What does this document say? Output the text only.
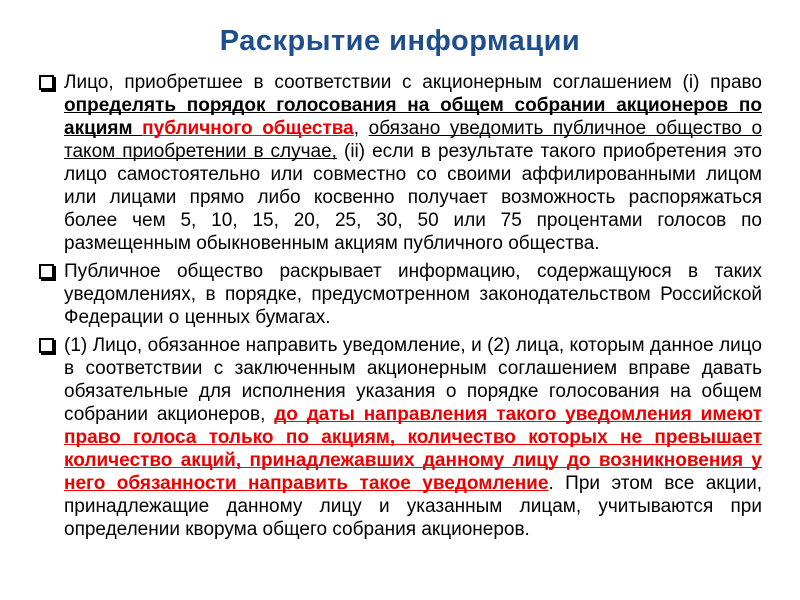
Раскрытие информации

Лицо, приобретшее в соответствии с акционерным соглашением (i) право определять порядок голосования на общем собрании акционеров по акциям публичного общества, обязано уведомить публичное общество о таком приобретении в случае, (ii) если в результате такого приобретения это лицо самостоятельно или совместно со своими аффилированными лицом или лицами прямо либо косвенно получает возможность распоряжаться более чем 5, 10, 15, 20, 25, 30, 50 или 75 процентами голосов по размещенным обыкновенным акциям публичного общества.

Публичное общество раскрывает информацию, содержащуюся в таких уведомлениях, в порядке, предусмотренном законодательством Российской Федерации о ценных бумагах.

(1) Лицо, обязанное направить уведомление, и (2) лица, которым данное лицо в соответствии с заключенным акционерным соглашением вправе давать обязательные для исполнения указания о порядке голосования на общем собрании акционеров, до даты направления такого уведомления имеют право голоса только по акциям, количество которых не превышает количество акций, принадлежавших данному лицу до возникновения у него обязанности направить такое уведомление. При этом все акции, принадлежащие данному лицу и указанным лицам, учитываются при определении кворума общего собрания акционеров.
